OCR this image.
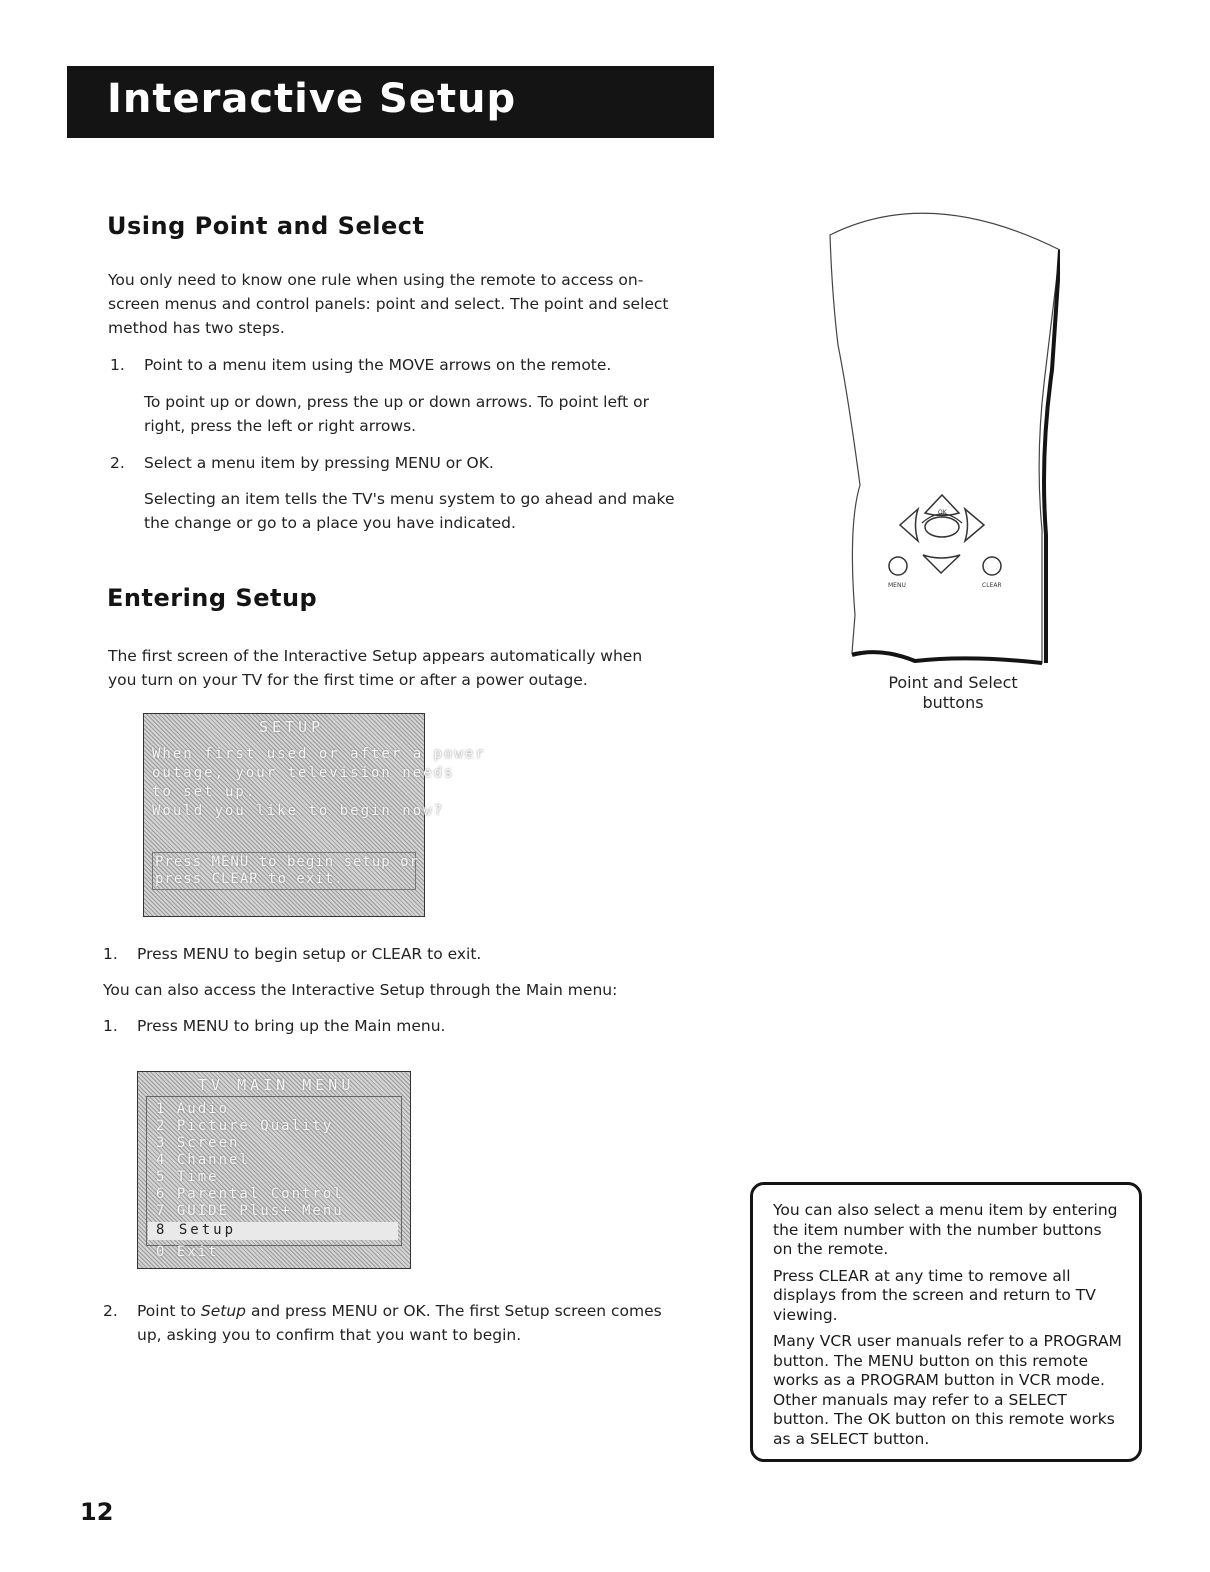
Interactive Setup
Using Point and Select
You only need to know one rule when using the remote to access on-
screen menus and control panels: point and select. The point and select
method has two steps.
1. Point to a menu item using the MOVE arrows on the remote.
To point up or down, press the up or down arrows. To point left or
right, press the left or right arrows.
2. Select a menu item by pressing MENU or OK.
Selecting an item tells the TV's menu system to go ahead and make
the change or go to a place you have indicated.
Entering Setup
The first screen of the Interactive Setup appears automatically when
you turn on your TV for the first time or after a power outage.
SETUP
When first used or after a power
outage, your television needs
to set up.
Would you like to begin now?
Press MENU to begin setup or
press CLEAR to exit.
1. Press MENU to begin setup or CLEAR to exit.
You can also access the Interactive Setup through the Main menu:
1. Press MENU to bring up the Main menu.
TV MAIN MENU
1 Audio
2 Picture Quality
3 Screen
4 Channel
5 Time
6 Parental Control
7 GUIDE Plus+ Menu
8 Setup
0 Exit
2. Point to Setup and press MENU or OK. The first Setup screen comes
up, asking you to confirm that you want to begin.
OK
MENU	CLEAR
Point and Select
buttons

You can also select a menu item by entering the item number with the number buttons on the remote.

Press CLEAR at any time to remove all displays from the screen and return to TV viewing.

Many VCR user manuals refer to a PROGRAM button. The MENU button on this remote works as a PROGRAM button in VCR mode. Other manuals may refer to a SELECT button. The OK button on this remote works as a SELECT button.

12
